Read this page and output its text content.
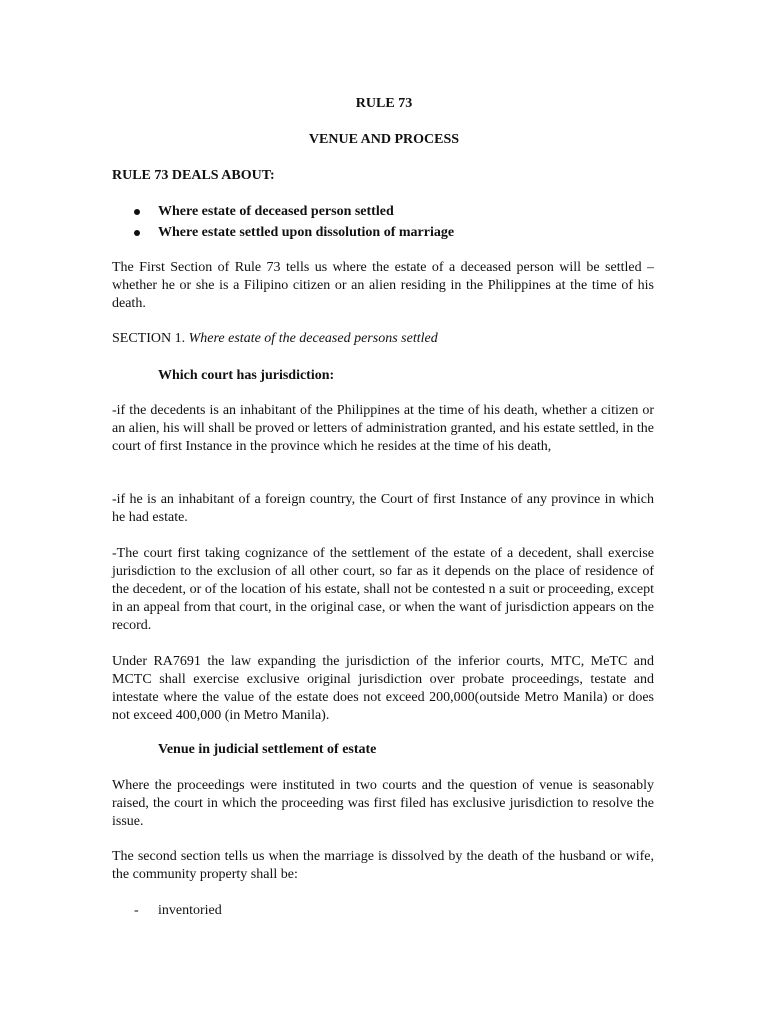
RULE 73
VENUE AND PROCESS
RULE 73 DEALS ABOUT:
Where estate of deceased person settled
Where estate settled upon dissolution of marriage
The First Section of Rule 73 tells us where the estate of a deceased person will be settled – whether he or she is a Filipino citizen or an alien residing in the Philippines at the time of his death.
SECTION 1. Where estate of the deceased persons settled
Which court has jurisdiction:
-if the decedents is an inhabitant of the Philippines at the time of his death, whether a citizen or an alien, his will shall be proved or letters of administration granted, and his estate settled, in the court of first Instance in the province which he resides at the time of his death,
-if he is an inhabitant of a foreign country, the Court of first Instance of any province in which he had estate.
-The court first taking cognizance of the settlement of the estate of a decedent, shall exercise jurisdiction to the exclusion of all other court, so far as it depends on the place of residence of the decedent, or of the location of his estate, shall not be contested n a suit or proceeding, except in an appeal from that court, in the original case, or when the want of jurisdiction appears on the record.
Under RA7691 the law expanding the jurisdiction of the inferior courts, MTC, MeTC and MCTC shall exercise exclusive original jurisdiction over probate proceedings, testate and intestate where the value of the estate does not exceed 200,000(outside Metro Manila) or does not exceed 400,000 (in Metro Manila).
Venue in judicial settlement of estate
Where the proceedings were instituted in two courts and the question of venue is seasonably raised, the court in which the proceeding was first filed has exclusive jurisdiction to resolve the issue.
The second section tells us when the marriage is dissolved by the death of the husband or wife, the community property shall be:
- inventoried
